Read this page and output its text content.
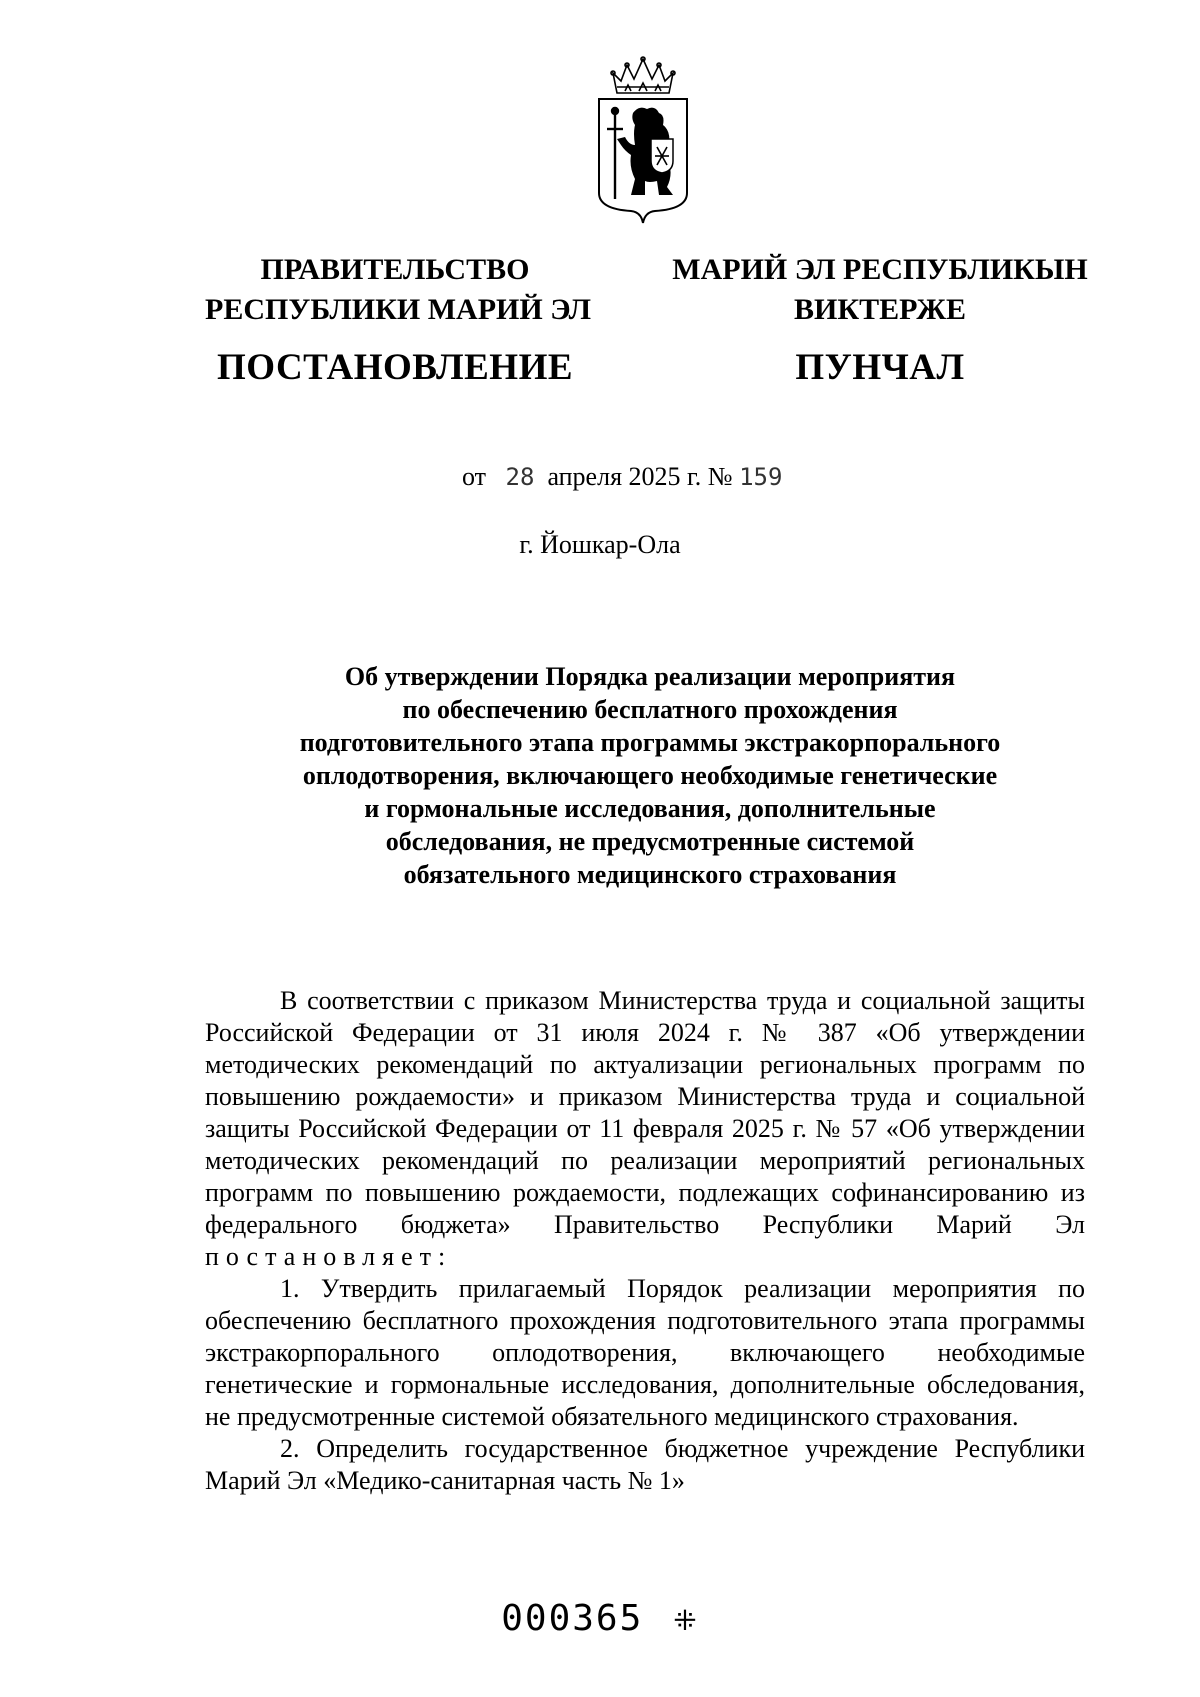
ПРАВИТЕЛЬСТВО
РЕСПУБЛИКИ МАРИЙ ЭЛ
ПОСТАНОВЛЕНИЕ
МАРИЙ ЭЛ РЕСПУБЛИКЫН
ВИКТЕРЖЕ
ПУНЧАЛ
от 28 апреля 2025 г. № 159
г. Йошкар-Ола
Об утверждении Порядка реализации мероприятия
по обеспечению бесплатного прохождения
подготовительного этапа программы экстракорпорального
оплодотворения, включающего необходимые генетические
и гормональные исследования, дополнительные
обследования, не предусмотренные системой
обязательного медицинского страхования

В соответствии с приказом Министерства труда и социальной защиты Российской Федерации от 31 июля 2024 г. № 387 «Об утверждении методических рекомендаций по актуализации региональных программ по повышению рождаемости» и приказом Министерства труда и социальной защиты Российской Федерации от 11 февраля 2025 г. № 57 «Об утверждении методических рекомендаций по реализации мероприятий региональных программ по повышению рождаемости, подлежащих софинансированию из федерального бюджета» Правительство Республики Марий Эл постановляет:

1. Утвердить прилагаемый Порядок реализации мероприятия по обеспечению бесплатного прохождения подготовительного этапа программы экстракорпорального оплодотворения, включающего необходимые генетические и гормональные исследования, дополнительные обследования, не предусмотренные системой обязательного медицинского страхования.

2. Определить государственное бюджетное учреждение Республики Марий Эл «Медико-санитарная часть № 1»

000365 ⁜
